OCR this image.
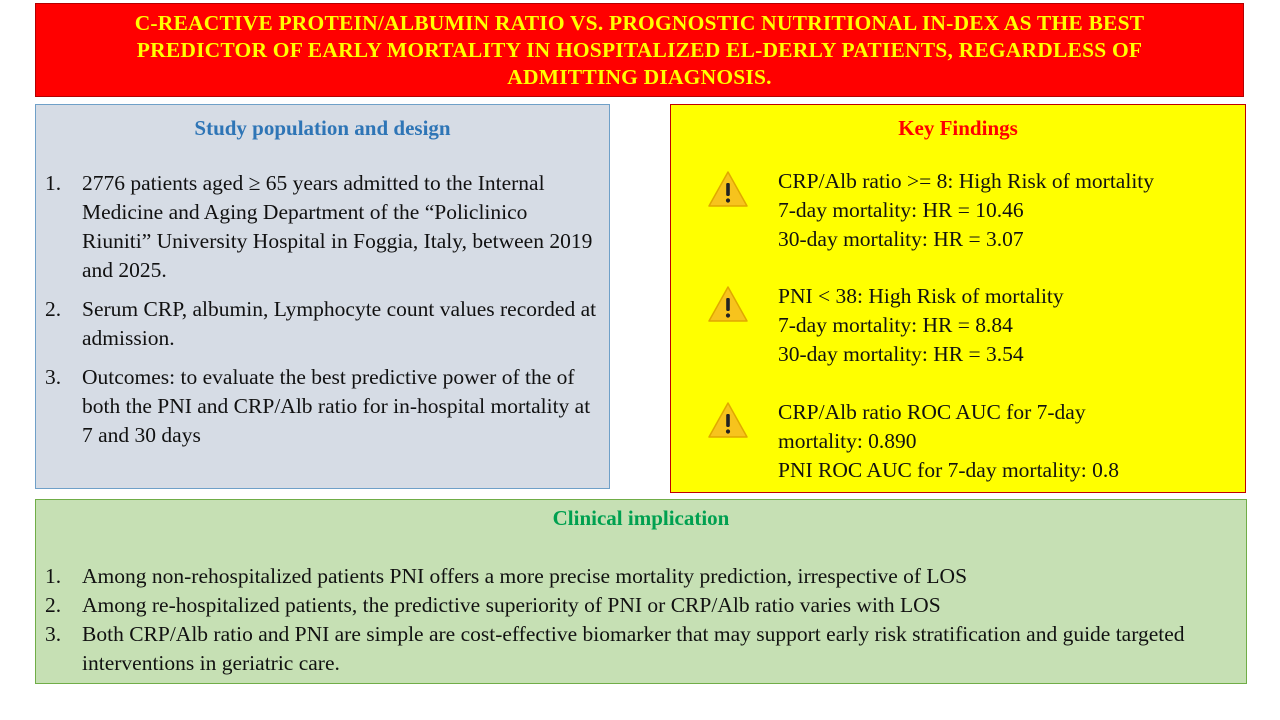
C-REACTIVE PROTEIN/ALBUMIN RATIO VS. PROGNOSTIC NUTRITIONAL IN-DEX AS THE BEST PREDICTOR OF EARLY MORTALITY IN HOSPITALIZED EL-DERLY PATIENTS, REGARDLESS OF ADMITTING DIAGNOSIS.
Study population and design
1. 2776 patients aged ≥ 65 years admitted to the Internal Medicine and Aging Department of the “Policlinico Riuniti” University Hospital in Foggia, Italy, between 2019 and 2025.
2. Serum CRP, albumin, Lymphocyte count values recorded at admission.
3. Outcomes: to evaluate the best predictive power of the of both the PNI and CRP/Alb ratio for in-hospital mortality at 7 and 30 days
Key Findings
CRP/Alb ratio >= 8: High Risk of mortality
7-day mortality: HR = 10.46
30-day mortality: HR = 3.07
PNI < 38: High Risk of mortality
7-day mortality: HR = 8.84
30-day mortality: HR = 3.54
CRP/Alb ratio ROC AUC for 7-day
mortality: 0.890
PNI ROC AUC for 7-day mortality: 0.8
Clinical implication
1. Among non-rehospitalized patients PNI offers a more precise mortality prediction, irrespective of LOS
2. Among re-hospitalized patients, the predictive superiority of PNI or CRP/Alb ratio varies with LOS
3. Both CRP/Alb ratio and PNI are simple are cost-effective biomarker that may support early risk stratification and guide targeted interventions in geriatric care.
